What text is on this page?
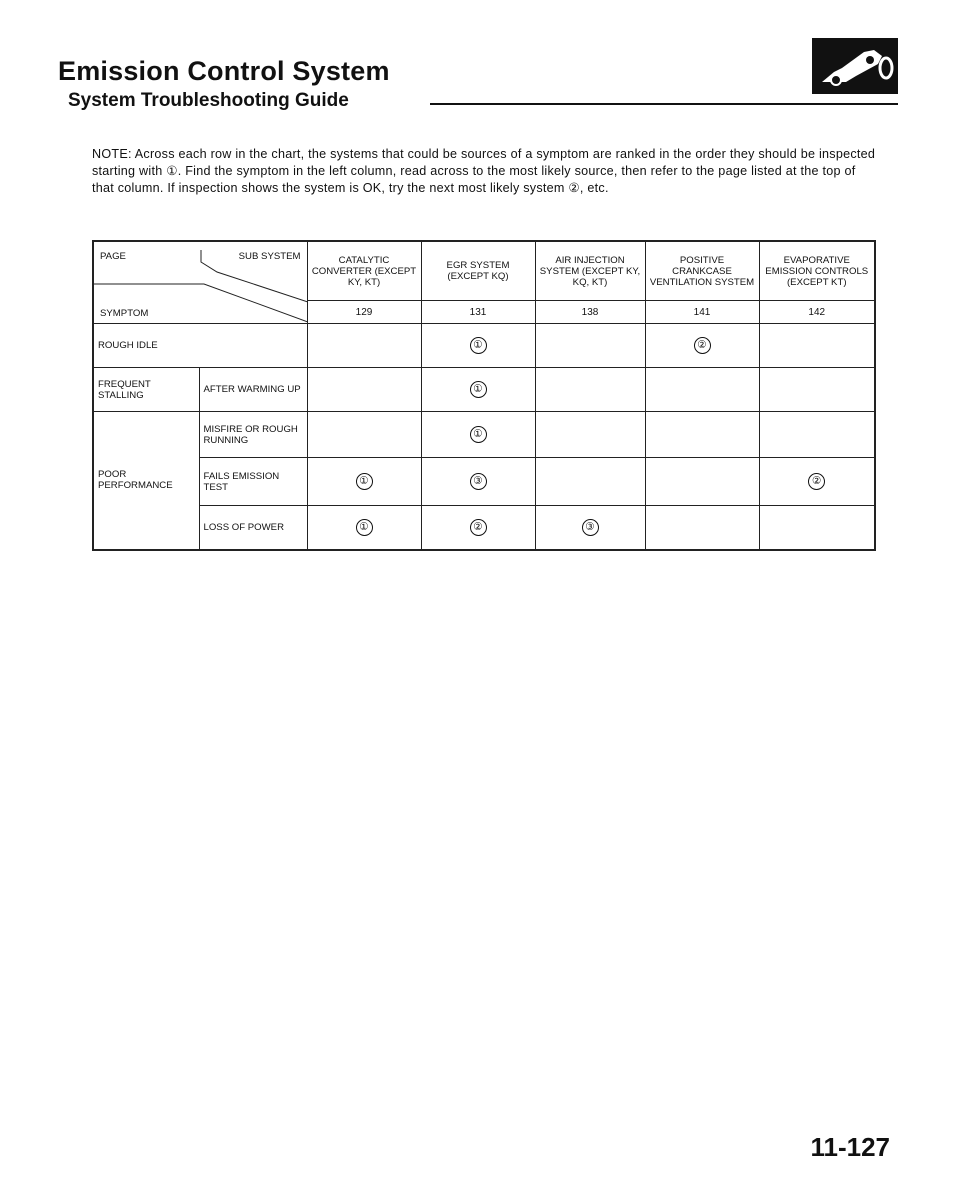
Emission Control System
System Troubleshooting Guide

NOTE: Across each row in the chart, the systems that could be sources of a symptom are ranked in the order they should be inspected starting with ①. Find the symptom in the left column, read across to the most likely source, then refer to the page listed at the top of that column. If inspection shows the system is OK, try the next most likely system ②, etc.

PAGE SUB SYSTEM
SYMPTOM		CATALYTIC CONVERTER (EXCEPT KY, KT)	EGR SYSTEM (EXCEPT KQ)	AIR INJECTION SYSTEM (EXCEPT KY, KQ, KT)	POSITIVE CRANKCASE VENTILATION SYSTEM	EVAPORATIVE EMISSION CONTROLS (EXCEPT KT)
		129	131	138	141	142
ROUGH IDLE			①		②	
FREQUENT STALLING	AFTER WARMING UP		①			
POOR PERFORMANCE	MISFIRE OR ROUGH RUNNING		①			
	FAILS EMISSION TEST	①	③			②
	LOSS OF POWER	①	②	③		

11-127
